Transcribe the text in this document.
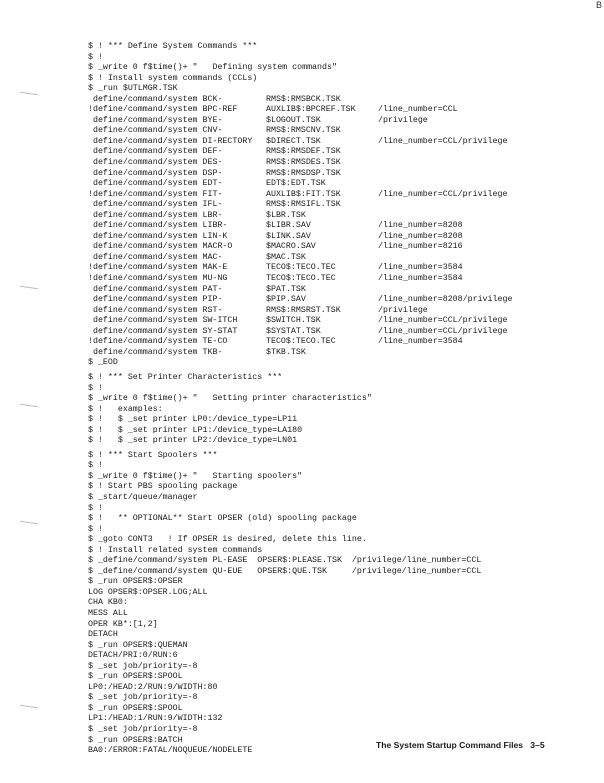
B
$ ! *** Define System Commands ***
$ !
$ _write 0 f$time()+ "   Defining system commands"
$ ! Install system commands (CCLs)
$ _run $UTLMGR.TSK
define/command/system BCK-	RMS$:RMSBCK.TSK
!define/command/system BPC-REF	AUXLIB$:BPCREF.TSK	/line_number=CCL
define/command/system BYE-	$LOGOUT.TSK	/privilege
define/command/system CNV-	RMS$:RMSCNV.TSK
define/command/system DI-RECTORY $DIRECT.TSK	/line_number=CCL/privilege
define/command/system DEF-	RMS$:RMSDEF.TSK
define/command/system DES-	RMS$:RMSDES.TSK
define/command/system DSP-	RMS$:RMSDSP.TSK
define/command/system EDT-	EDT$:EDT.TSK
!define/command/system FIT-	AUXLIB$:FIT.TSK	/line_number=CCL/privilege
define/command/system IFL-	RMS$:RMSIFL.TSK
define/command/system LBR-	$LBR.TSK
define/command/system LIBR-	$LIBR.SAV	/line_number=8208
define/command/system LIN-K	$LINK.SAV	/line_number=8208
define/command/system MACR-O	$MACRO.SAV	/line_number=8216
define/command/system MAC-	$MAC.TSK
!define/command/system MAK-E	TECO$:TECO.TEC	/line_number=3584
!define/command/system MU-NG	TECO$:TECO.TEC	/line_number=3584
define/command/system PAT-	$PAT.TSK
define/command/system PIP-	$PIP.SAV	/line_number=8208/privilege
define/command/system RST-	RMS$:RMSRST.TSK	/privilege
define/command/system SW-ITCH	$SWITCH.TSK	/line_number=CCL/privilege
define/command/system SY-STAT	$SYSTAT.TSK	/line_number=CCL/privilege
!define/command/system TE-CO	TECO$:TECO.TEC	/line_number=3584
define/command/system TKB-	$TKB.TSK
$ _EOD
$ ! *** Set Printer Characteristics ***
$ !
$ _write 0 f$time()+ "   Setting printer characteristics"
$ !   examples:
$ !   $ _set printer LP0:/device_type=LP11
$ !   $ _set printer LP1:/device_type=LA180
$ !   $ _set printer LP2:/device_type=LN01
$ ! *** Start Spoolers ***
$ !
$ _write 0 f$time()+ "   Starting spoolers"
$ ! Start PBS spooling package
$ _start/queue/manager
$ !
$ !   ** OPTIONAL** Start OPSER (old) spooling package
$ !
$ _goto CONT3   ! If OPSER is desired, delete this line.
$ ! Install related system commands
$ _define/command/system PL-EASE  OPSER$:PLEASE.TSK  /privilege/line_number=CCL
$ _define/command/system QU-EUE   OPSER$:QUE.TSK     /privilege/line_number=CCL
$ _run OPSER$:OPSER
LOG OPSER$:OPSER.LOG;ALL
CHA KB0:
MESS ALL
OPER KB*:[1,2]
DETACH
$ _run OPSER$:QUEMAN
DETACH/PRI:0/RUN:6
$ _set job/priority=-8
$ _run OPSER$:SPOOL
LP0:/HEAD:2/RUN:9/WIDTH:80
$ _set job/priority=-8
$ _run OPSER$:SPOOL
LP1:/HEAD:1/RUN:9/WIDTH:132
$ _set job/priority=-8
$ _run OPSER$:BATCH
BA0:/ERROR:FATAL/NOQUEUE/NODELETE
The System Startup Command Files 3–5
